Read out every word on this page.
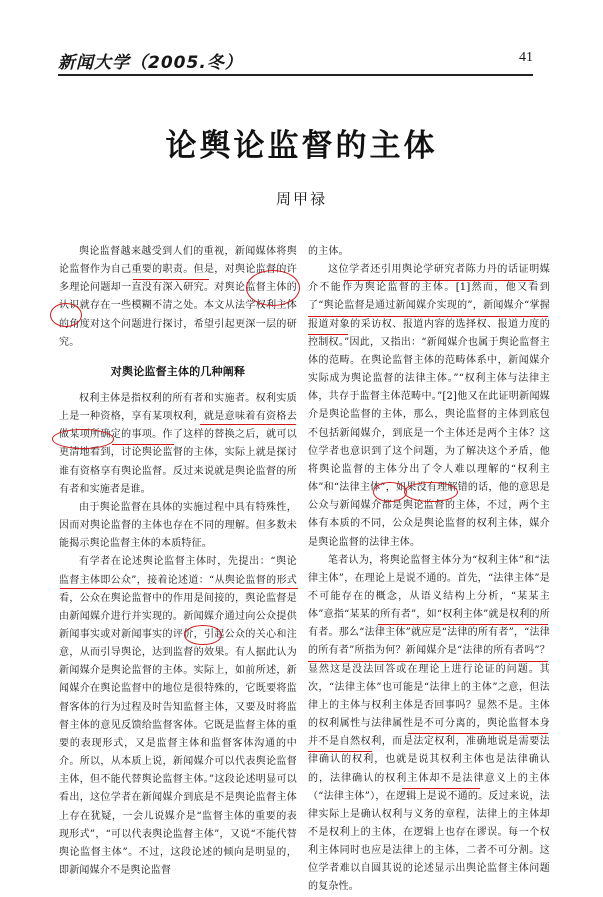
新闻大学（2005.冬）	41
论舆论监督的主体
周甲禄

舆论监督越来越受到人们的重视，新闻媒体将舆论监督作为自己重要的职责。但是，对舆论监督的许多理论问题却一直没有深入研究。对舆论监督主体的认识就存在一些模糊不清之处。本文从法学权利主体的角度对这个问题进行探讨，希望引起更深一层的研究。

对舆论监督主体的几种阐释

权利主体是指权利的所有者和实施者。权利实质上是一种资格，享有某项权利，就是意味着有资格去做某项所确定的事项。作了这样的替换之后，就可以更清地看到，讨论舆论监督的主体，实际上就是探讨谁有资格享有舆论监督。反过来说就是舆论监督的所有者和实施者是谁。

由于舆论监督在具体的实施过程中具有特殊性，因而对舆论监督的主体也存在不同的理解。但多数未能揭示舆论监督主体的本质特征。

有学者在论述舆论监督主体时，先提出：“舆论监督主体即公众”，接着论述道：“从舆论监督的形式看，公众在舆论监督中的作用是间接的，舆论监督是由新闻媒介进行并实现的。新闻媒介通过向公众提供新闻事实或对新闻事实的评价，引起公众的关心和注意，从而引导舆论，达到监督的效果。有人据此认为新闻媒介是舆论监督的主体。实际上，如前所述，新闻媒介在舆论监督中的地位是很特殊的，它既要将监督客体的行为过程及时告知监督主体，又要及时将监督主体的意见反馈给监督客体。它既是监督主体的重要的表现形式，又是监督主体和监督客体沟通的中介。所以，从本质上说，新闻媒介可以代表舆论监督主体，但不能代替舆论监督主体。”这段论述明显可以看出，这位学者在新闻媒介到底是不是舆论监督主体上存在犹疑，一会儿说媒介是“监督主体的重要的表现形式”，“可以代表舆论监督主体”，又说“不能代替舆论监督主体”。不过，这段论述的倾向是明显的，即新闻媒介不是舆论监督

的主体。

这位学者还引用舆论学研究者陈力丹的话证明媒介不能作为舆论监督的主体。[1]然而，他又看到了“舆论监督是通过新闻媒介实现的”，新闻媒介“掌握报道对象的采访权、报道内容的选择权、报道力度的控制权。”因此，又指出：“新闻媒介也属于舆论监督主体的范畴。在舆论监督主体的范畴体系中，新闻媒介实际成为舆论监督的法律主体。”“权利主体与法律主体，共存于监督主体范畴中。”[2]他又在此证明新闻媒介是舆论监督的主体，那么，舆论监督的主体到底包不包括新闻媒介，到底是一个主体还是两个主体？这位学者也意识到了这个问题，为了解决这个矛盾，他将舆论监督的主体分出了令人难以理解的“权利主体”和“法律主体”，如果没有理解错的话，他的意思是公众与新闻媒介都是舆论监督的主体，不过，两个主体有本质的不同，公众是舆论监督的权利主体，媒介是舆论监督的法律主体。

笔者认为，将舆论监督主体分为“权利主体”和“法律主体”，在理论上是说不通的。首先，“法律主体”是不可能存在的概念，从语义结构上分析，“某某主体”意指“某某的所有者”，如“权利主体”就是权利的所有者。那么“法律主体”就应是“法律的所有者”，“法律的所有者”所指为何？新闻媒介是“法律的所有者吗”？显然这是没法回答或在理论上进行论证的问题。其次，“法律主体”也可能是“法律上的主体”之意，但法律上的主体与权利主体是否回事吗？显然不是。主体的权利属性与法律属性是不可分离的，舆论监督本身并不是自然权利，而是法定权利，准确地说是需要法律确认的权利，也就是说其权利主体也是法律确认的，法律确认的权利主体却不是法律意义上的主体（“法律主体”），在逻辑上是说不通的。反过来说，法律实际上是确认权利与义务的章程，法律上的主体却不是权利上的主体，在逻辑上也存在谬误。每一个权利主体同时也应是法律上的主体，二者不可分割。这位学者难以自圆其说的论述显示出舆论监督主体问题的复杂性。
